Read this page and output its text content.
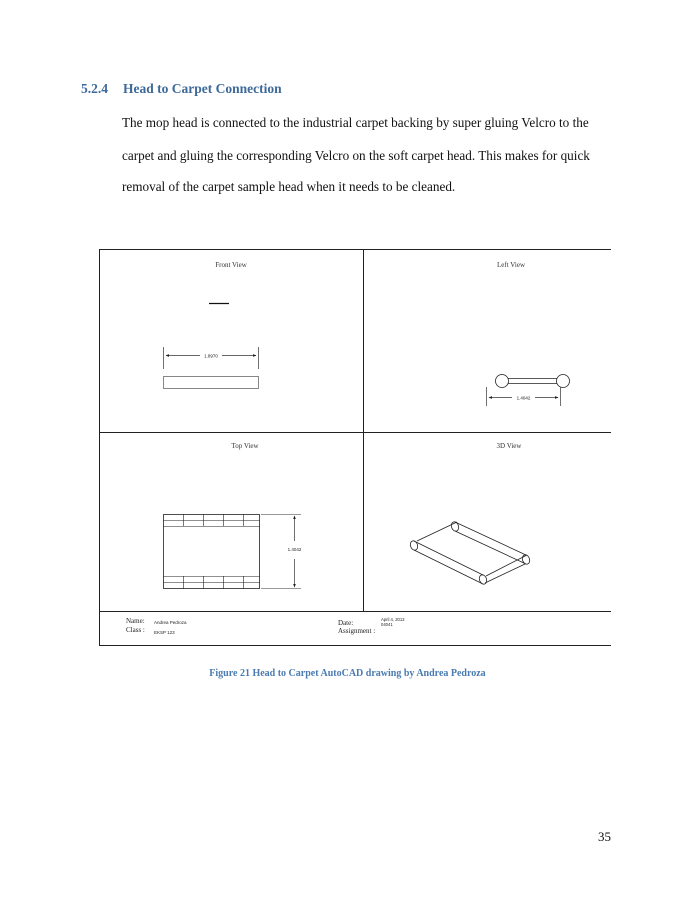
5.2.4 Head to Carpet Connection
The mop head is connected to the industrial carpet backing by super gluing Velcro to the
carpet and gluing the corresponding Velcro on the soft carpet head. This makes for quick
removal of the carpet sample head when it needs to be cleaned.
Front View	Left View
Top View	3D View
1.8970
1.4042
1.4042
Name: Andrea Pedroza
Class : EKSP 123
Date:	April 4, 2013
04041
Assignment :
Figure 21 Head to Carpet AutoCAD drawing by Andrea Pedroza
35
